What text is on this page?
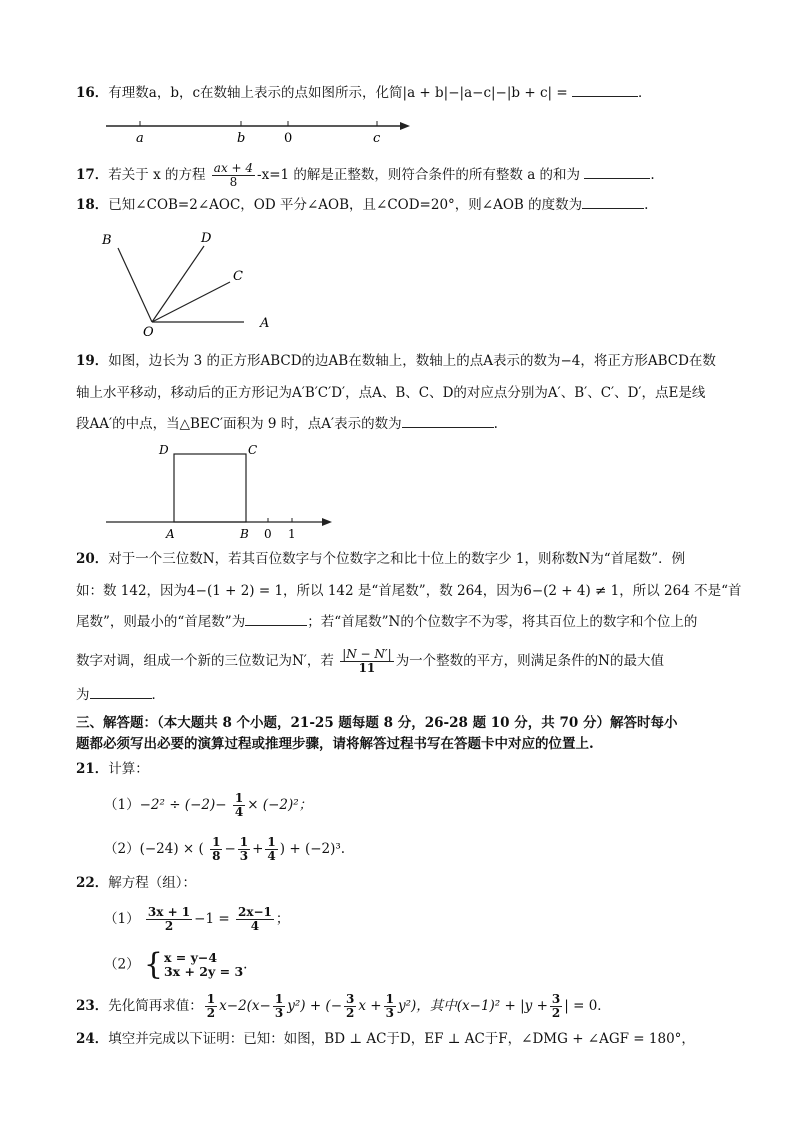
16．有理数a，b，c在数轴上表示的点如图所示，化简|a + b|−|a−c|−|b + c| =	．
a	b	0	c
17．若关于 x 的方程 $\frac{ax + 4}{8} -x=1$ 的解是正整数，则符合条件的所有整数 a 的和为	.
18．已知∠COB=2∠AOC，OD 平分∠AOB，且∠COD=20°，则∠AOB 的度数为	.
B	D
C
O
A
19．如图，边长为 3 的正方形ABCD的边AB在数轴上，数轴上的点A表示的数为−4，将正方形ABCD在数
轴上水平移动，移动后的正方形记为A′B′C′D′，点A、B、C、D的对应点分别为A′、B′、C′、D′，点E是线
段AA′的中点，当△BEC′面积为 9 时，点A′表示的数为	.
D	C
A	B 0 1
20．对于一个三位数N，若其百位数字与个位数字之和比十位上的数字少 1，则称数N为“首尾数”．例
如：数 142，因为4−(1 + 2) = 1，所以 142 是“首尾数”，数 264，因为6−(2 + 4) ≠ 1，所以 264 不是“首
尾数”，则最小的“首尾数”为	；若“首尾数”N的个位数字不为零，将其百位上的数字和个位上的
数字对调，组成一个新的三位数记为N′，若 $\frac{|N - N'|}{11}$ 为一个整数的平方，则满足条件的N的最大值
为	．
三、解答题：（本大题共 8 个小题，21-25 题每题 8 分，26-28 题 10 分，共 70 分）解答时每小
题都必须写出必要的演算过程或推理步骤，请将解答过程书写在答题卡中对应的位置上.
21．计算：
$(1)-2^2 \div (-2)- \frac{1}{4} \times (-2)^2$；
（2）(−24) × ( $\frac{1}{8} - \frac{1}{3} + \frac{1}{4}$ ) + (−2)³.
22．解方程（组）：
$(1) \frac{3x + 1}{2} -1 = \frac{2x-1}{4}$ ；
（2） { x = y−4
3x + 2y = 3 .
23．先化简再求值： $\frac{1}{2} x-2(x- \frac{1}{3} y^2)$ + (− $\frac{3}{2}$ $x + \frac{1}{3} y^2$)，其中$(x-1)^2 + |y + \frac{3}{2}$ | = 0．
24．填空并完成以下证明：已知：如图，BD ⊥ AC于D，EF ⊥ AC于F，∠DMG + ∠AGF = 180°，
